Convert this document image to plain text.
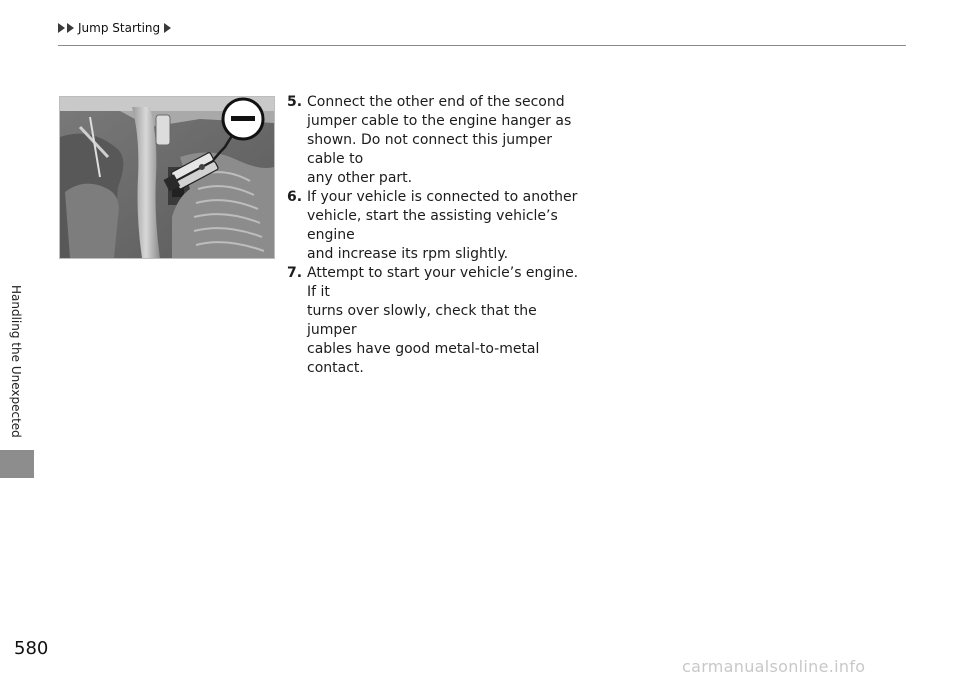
Jump Starting
Handling the Unexpected
5. Connect the other end of the second
jumper cable to the engine hanger as
shown. Do not connect this jumper cable to
any other part.
6. If your vehicle is connected to another
vehicle, start the assisting vehicle’s engine
and increase its rpm slightly.
7. Attempt to start your vehicle’s engine. If it
turns over slowly, check that the jumper
cables have good metal-to-metal contact.
580
carmanualsonline.info
